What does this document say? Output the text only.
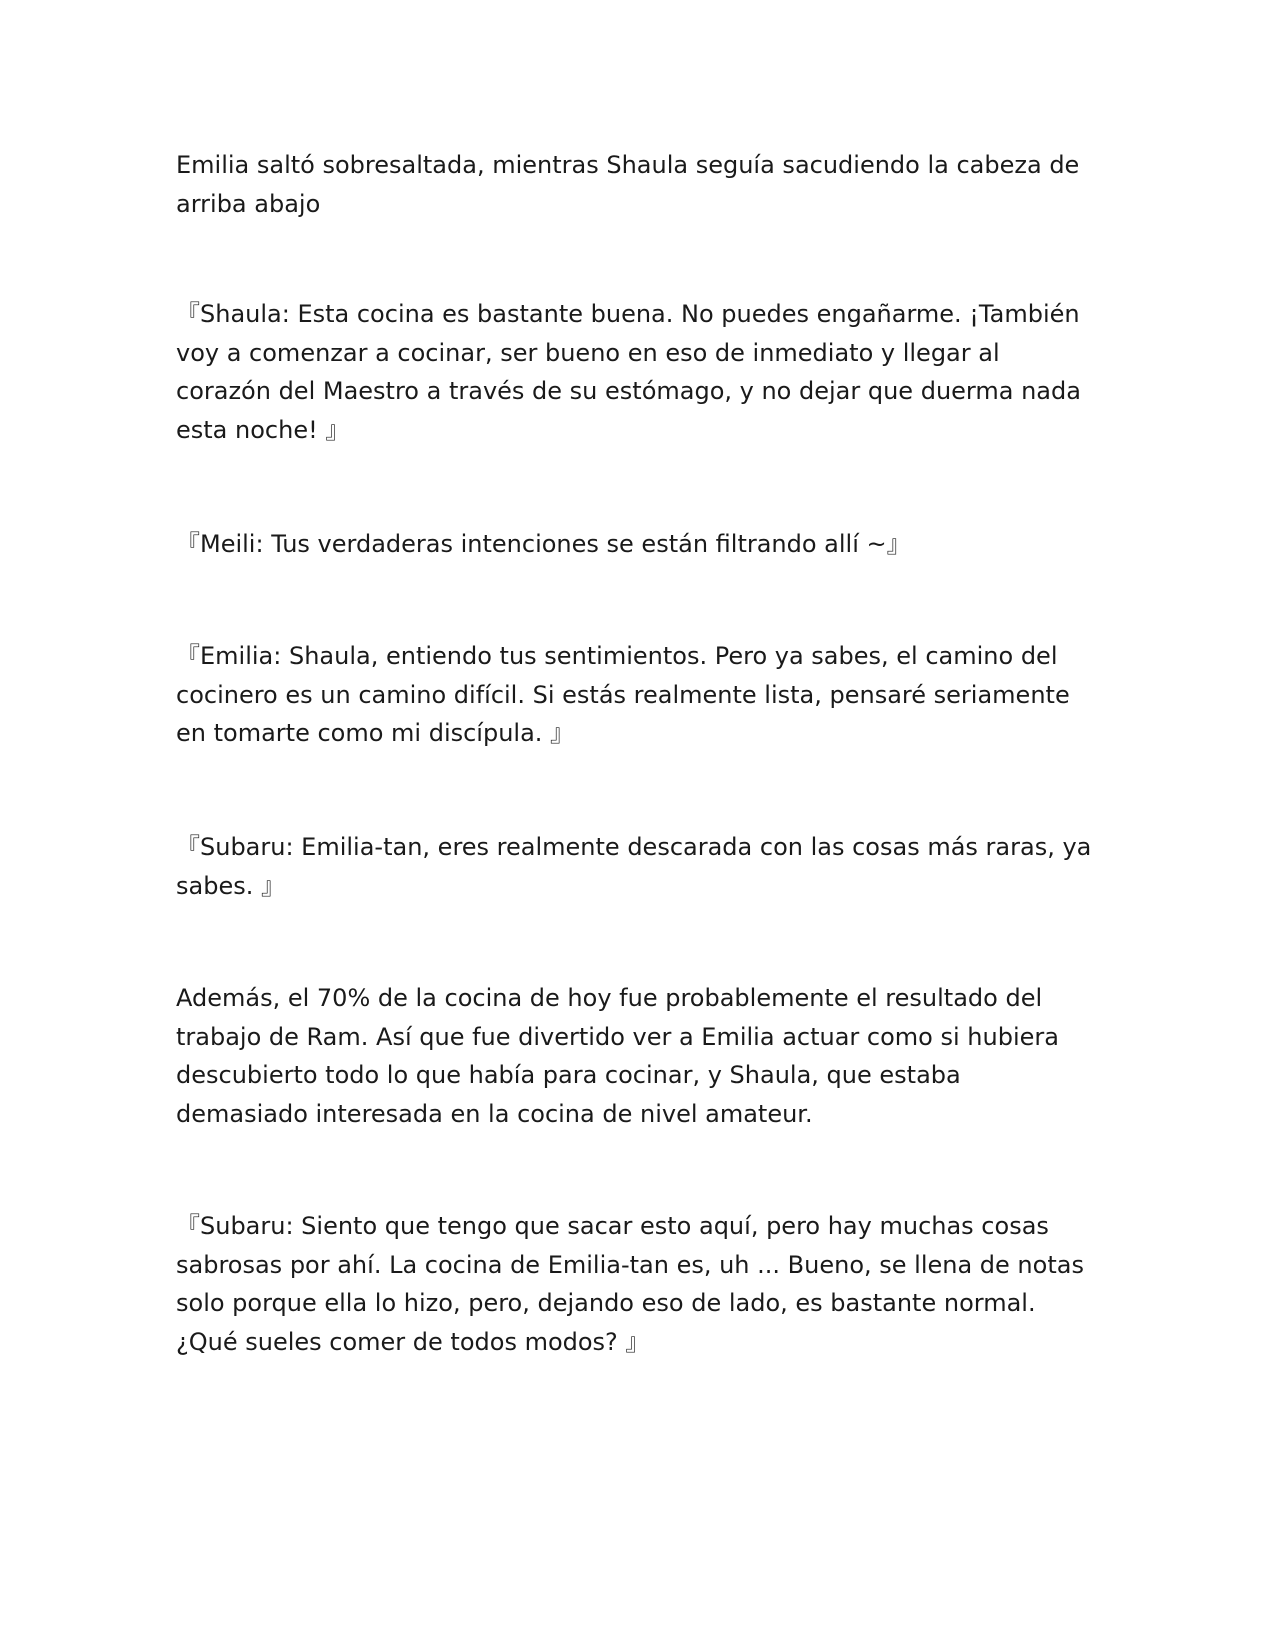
Emilia saltó sobresaltada, mientras Shaula seguía sacudiendo la cabeza de arriba abajo

『Shaula: Esta cocina es bastante buena. No puedes engañarme. ¡También voy a comenzar a cocinar, ser bueno en eso de inmediato y llegar al corazón del Maestro a través de su estómago, y no dejar que duerma nada esta noche! 』

『Meili: Tus verdaderas intenciones se están filtrando allí ~』

『Emilia: Shaula, entiendo tus sentimientos. Pero ya sabes, el camino del cocinero es un camino difícil. Si estás realmente lista, pensaré seriamente en tomarte como mi discípula. 』

『Subaru: Emilia-tan, eres realmente descarada con las cosas más raras, ya sabes. 』

Además, el 70% de la cocina de hoy fue probablemente el resultado del trabajo de Ram. Así que fue divertido ver a Emilia actuar como si hubiera descubierto todo lo que había para cocinar, y Shaula, que estaba demasiado interesada en la cocina de nivel amateur.

『Subaru: Siento que tengo que sacar esto aquí, pero hay muchas cosas sabrosas por ahí. La cocina de Emilia-tan es, uh ... Bueno, se llena de notas solo porque ella lo hizo, pero, dejando eso de lado, es bastante normal. ¿Qué sueles comer de todos modos? 』
